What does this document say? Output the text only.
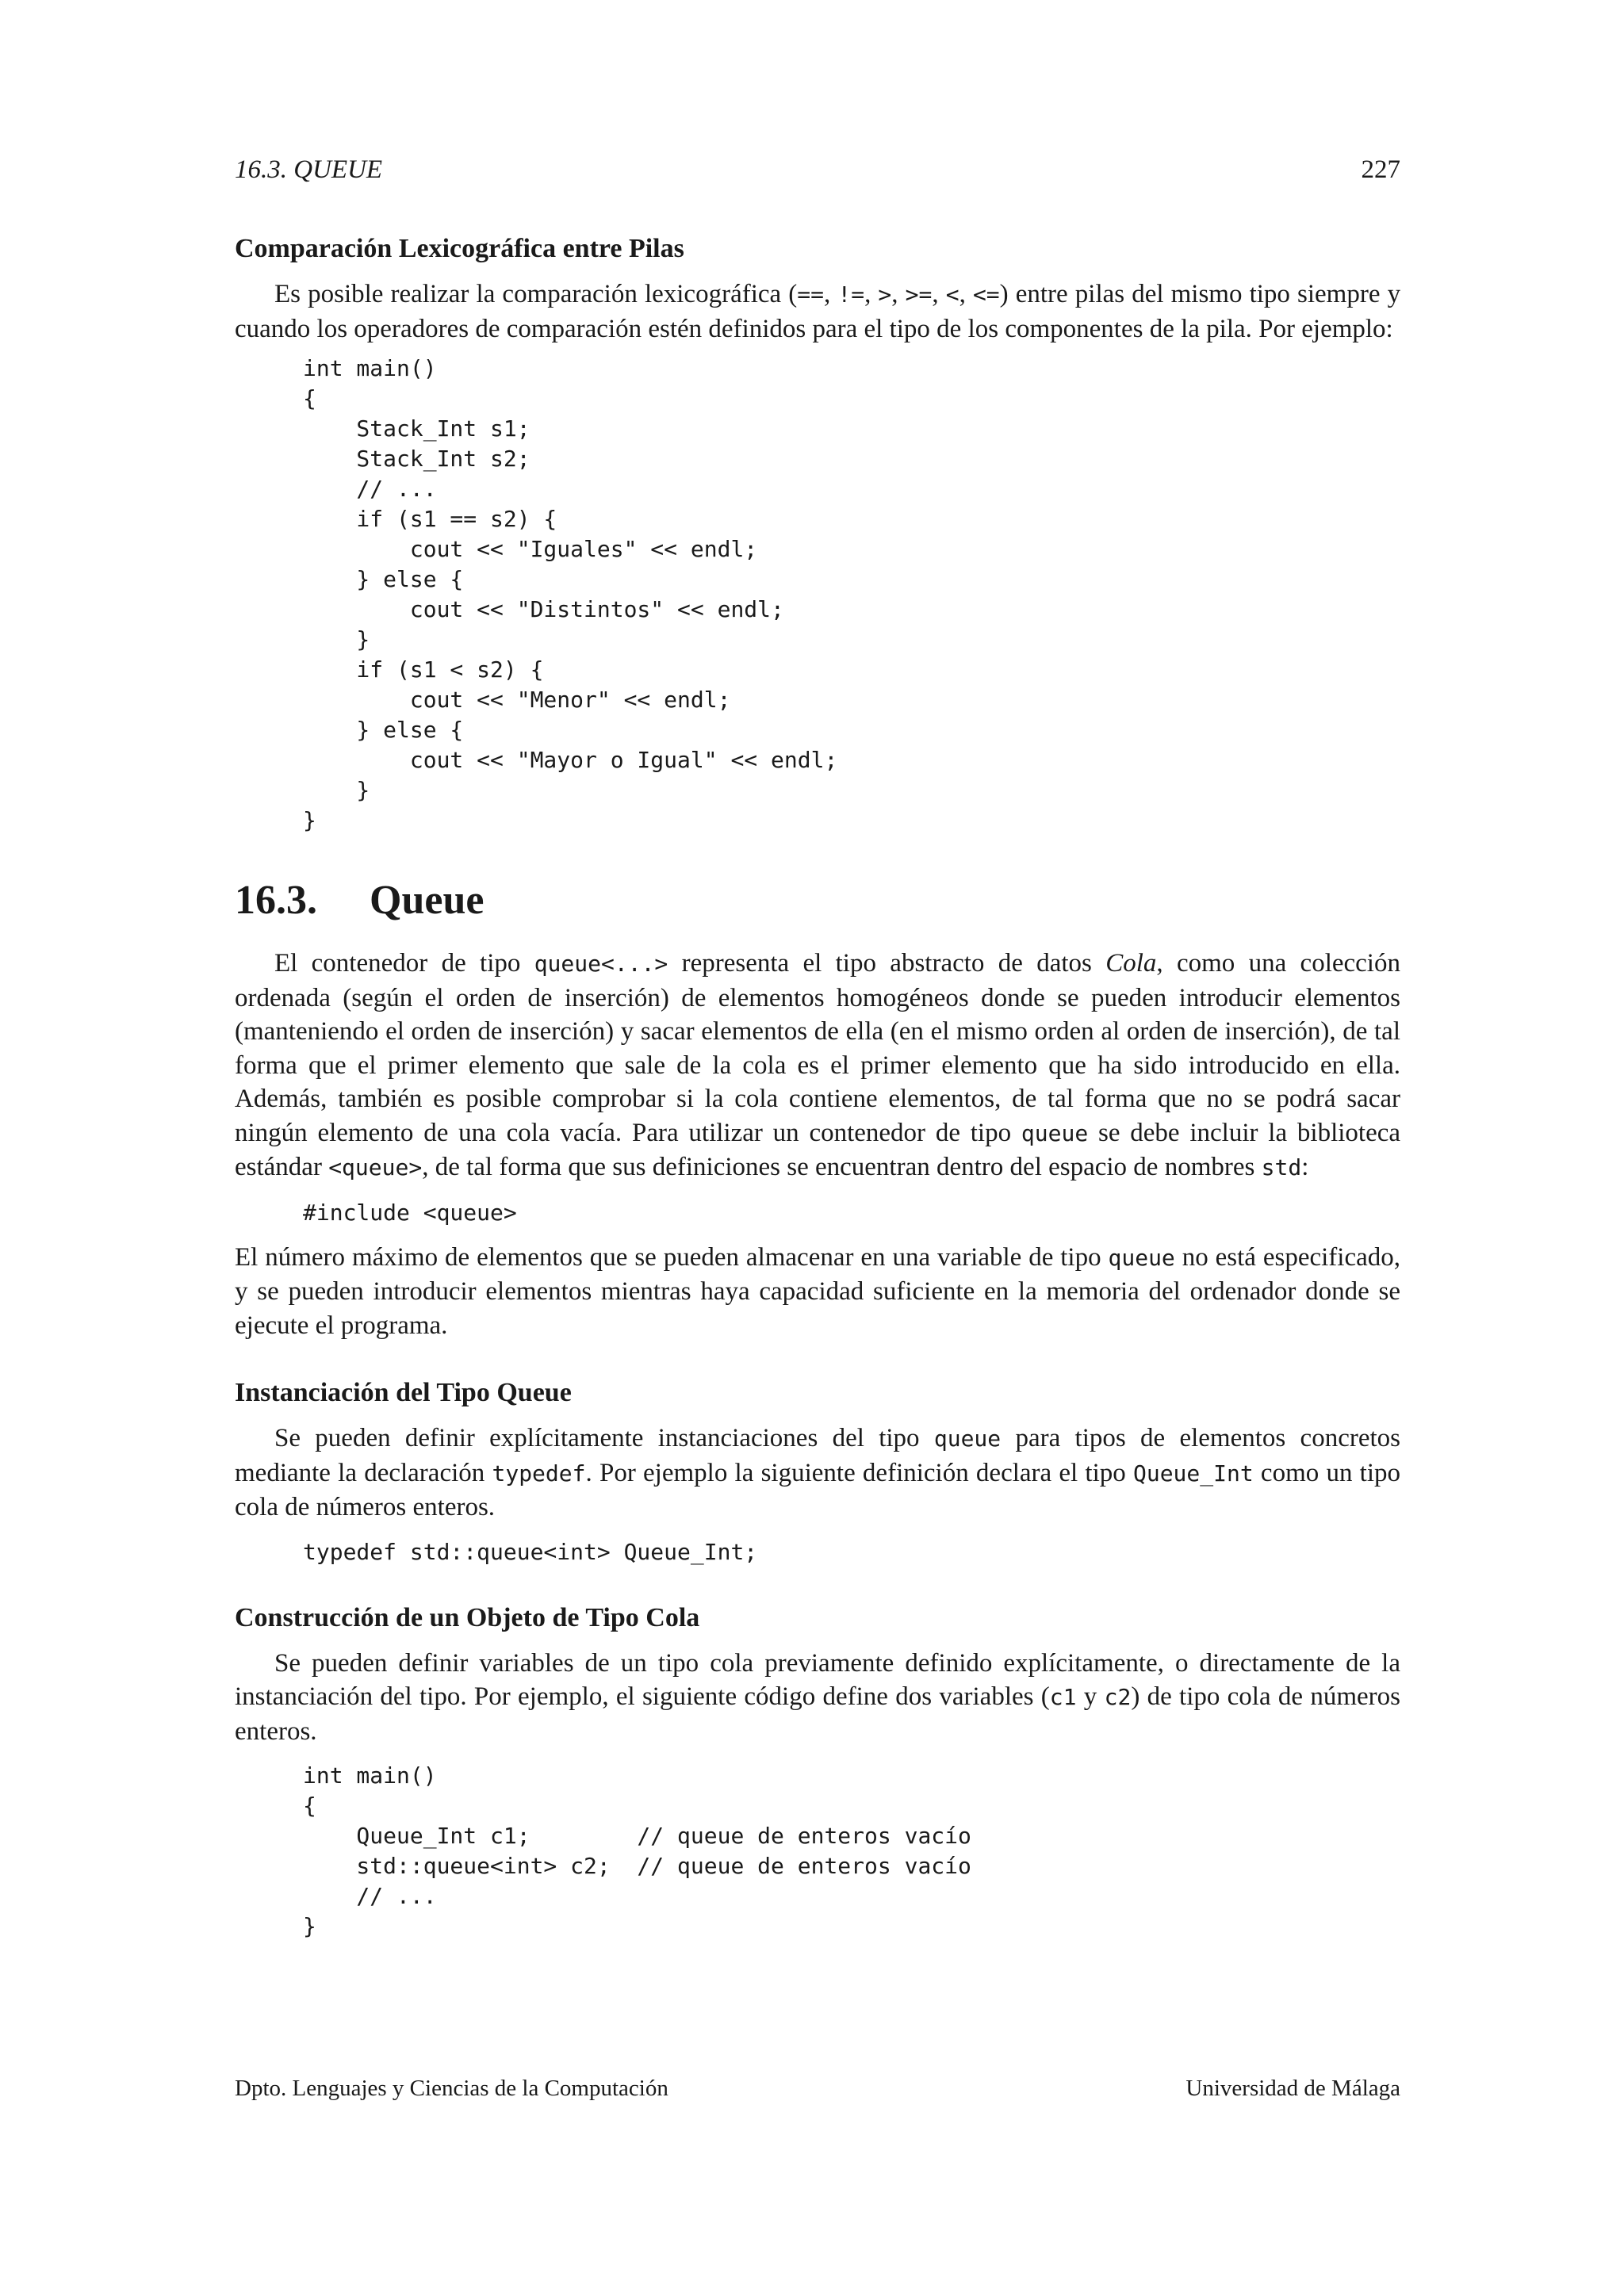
16.3. QUEUE	227
Comparación Lexicográfica entre Pilas

Es posible realizar la comparación lexicográfica (==, !=, >, >=, <, <=) entre pilas del mismo tipo siempre y cuando los operadores de comparación estén definidos para el tipo de los componentes de la pila. Por ejemplo:

int main()
{
Stack_Int s1;
Stack_Int s2;
// ...
if (s1 == s2) {
cout << "Iguales" << endl;
} else {
cout << "Distintos" << endl;
}
if (s1 < s2) {
cout << "Menor" << endl;
} else {
cout << "Mayor o Igual" << endl;
}
}
16.3. Queue

El contenedor de tipo queue<...> representa el tipo abstracto de datos Cola, como una colección ordenada (según el orden de inserción) de elementos homogéneos donde se pueden introducir elementos (manteniendo el orden de inserción) y sacar elementos de ella (en el mismo orden al orden de inserción), de tal forma que el primer elemento que sale de la cola es el primer elemento que ha sido introducido en ella. Además, también es posible comprobar si la cola contiene elementos, de tal forma que no se podrá sacar ningún elemento de una cola vacía. Para utilizar un contenedor de tipo queue se debe incluir la biblioteca estándar <queue>, de tal forma que sus definiciones se encuentran dentro del espacio de nombres std:

#include <queue>

El número máximo de elementos que se pueden almacenar en una variable de tipo queue no está especificado, y se pueden introducir elementos mientras haya capacidad suficiente en la memoria del ordenador donde se ejecute el programa.

Instanciación del Tipo Queue

Se pueden definir explícitamente instanciaciones del tipo queue para tipos de elementos concretos mediante la declaración typedef. Por ejemplo la siguiente definición declara el tipo Queue_Int como un tipo cola de números enteros.

typedef std::queue<int> Queue_Int;
Construcción de un Objeto de Tipo Cola

Se pueden definir variables de un tipo cola previamente definido explícitamente, o directamente de la instanciación del tipo. Por ejemplo, el siguiente código define dos variables (c1 y c2) de tipo cola de números enteros.

int main()
{
Queue_Int c1;        // queue de enteros vacío
std::queue<int> c2;  // queue de enteros vacío
// ...
}
Dpto. Lenguajes y Ciencias de la Computación	Universidad de Málaga
